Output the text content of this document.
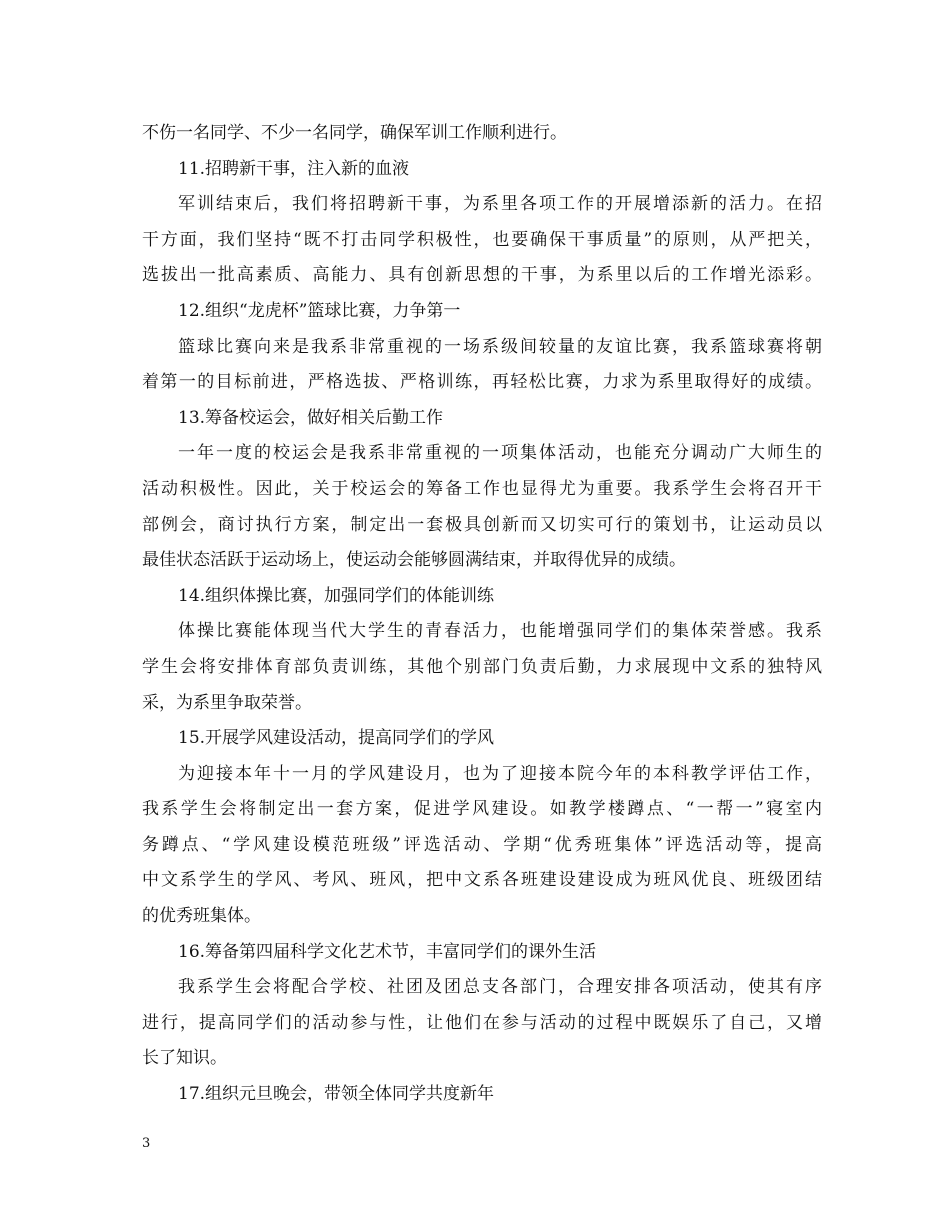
不伤一名同学、不少一名同学，确保军训工作顺利进行。
11.招聘新干事，注入新的血液
军训结束后，我们将招聘新干事，为系里各项工作的开展增添新的活力。在招
干方面，我们坚持“既不打击同学积极性，也要确保干事质量”的原则，从严把关，
选拔出一批高素质、高能力、具有创新思想的干事，为系里以后的工作增光添彩。
12.组织“龙虎杯”篮球比赛，力争第一
篮球比赛向来是我系非常重视的一场系级间较量的友谊比赛，我系篮球赛将朝
着第一的目标前进，严格选拔、严格训练，再轻松比赛，力求为系里取得好的成绩。
13.筹备校运会，做好相关后勤工作
一年一度的校运会是我系非常重视的一项集体活动，也能充分调动广大师生的
活动积极性。因此，关于校运会的筹备工作也显得尤为重要。我系学生会将召开干
部例会，商讨执行方案，制定出一套极具创新而又切实可行的策划书，让运动员以
最佳状态活跃于运动场上，使运动会能够圆满结束，并取得优异的成绩。
14.组织体操比赛，加强同学们的体能训练
体操比赛能体现当代大学生的青春活力，也能增强同学们的集体荣誉感。我系
学生会将安排体育部负责训练，其他个别部门负责后勤，力求展现中文系的独特风
采，为系里争取荣誉。
15.开展学风建设活动，提高同学们的学风
为迎接本年十一月的学风建设月，也为了迎接本院今年的本科教学评估工作，
我系学生会将制定出一套方案，促进学风建设。如教学楼蹲点、“一帮一”寝室内
务蹲点、“学风建设模范班级”评选活动、学期“优秀班集体”评选活动等，提高
中文系学生的学风、考风、班风，把中文系各班建设建设成为班风优良、班级团结
的优秀班集体。
16.筹备第四届科学文化艺术节，丰富同学们的课外生活
我系学生会将配合学校、社团及团总支各部门，合理安排各项活动，使其有序
进行，提高同学们的活动参与性，让他们在参与活动的过程中既娱乐了自己，又增
长了知识。
17.组织元旦晚会，带领全体同学共度新年
3
